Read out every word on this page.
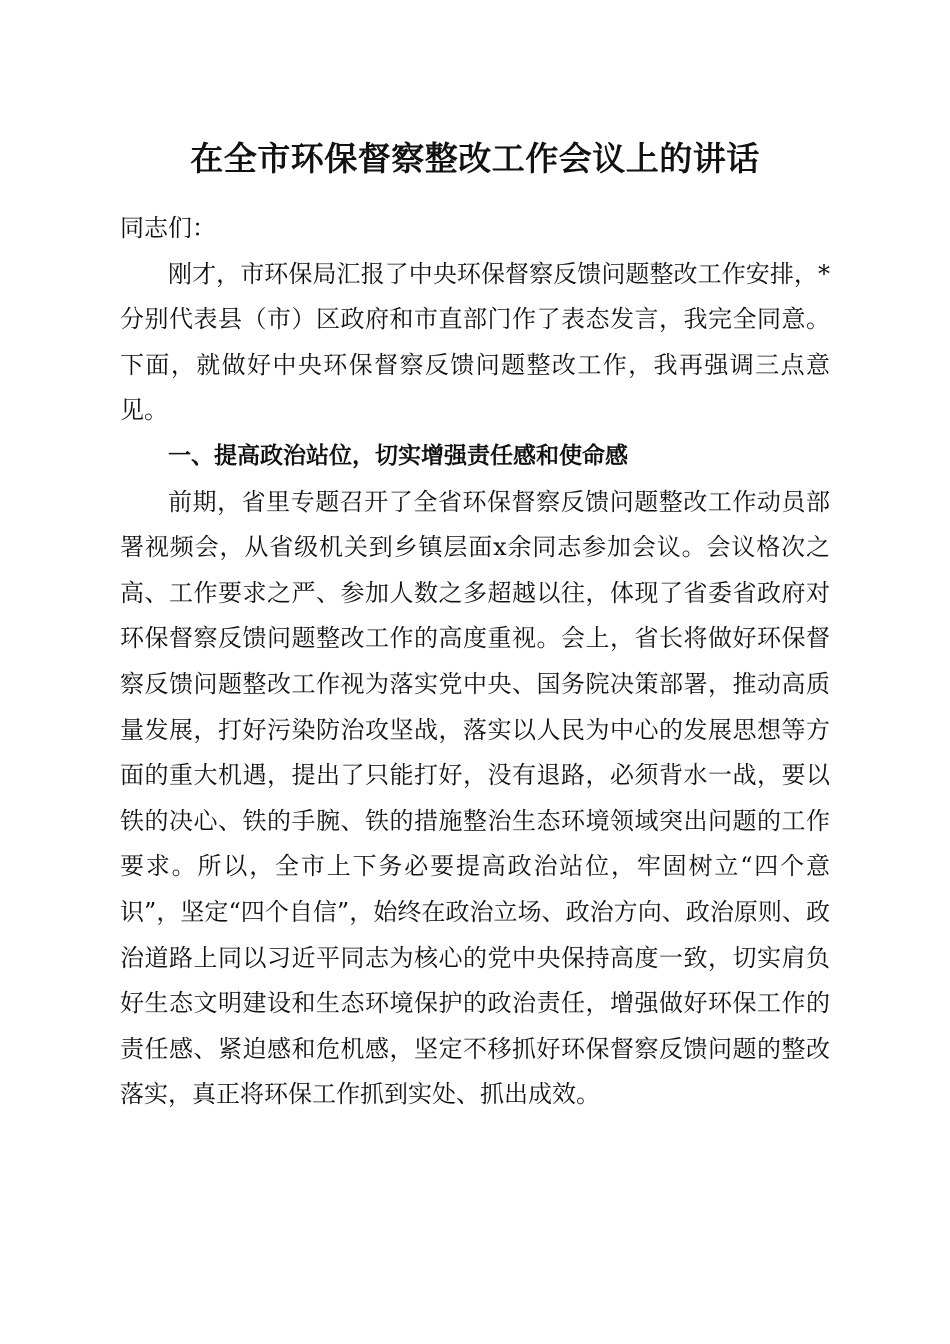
在全市环保督察整改工作会议上的讲话

同志们：

刚才，市环保局汇报了中央环保督察反馈问题整改工作安排，*分别代表县（市）区政府和市直部门作了表态发言，我完全同意。下面，就做好中央环保督察反馈问题整改工作，我再强调三点意见。

一、提高政治站位，切实增强责任感和使命感

前期，省里专题召开了全省环保督察反馈问题整改工作动员部署视频会，从省级机关到乡镇层面x余同志参加会议。会议格次之高、工作要求之严、参加人数之多超越以往，体现了省委省政府对环保督察反馈问题整改工作的高度重视。会上，省长将做好环保督察反馈问题整改工作视为落实党中央、国务院决策部署，推动高质量发展，打好污染防治攻坚战，落实以人民为中心的发展思想等方面的重大机遇，提出了只能打好，没有退路，必须背水一战，要以铁的决心、铁的手腕、铁的措施整治生态环境领域突出问题的工作要求。所以，全市上下务必要提高政治站位，牢固树立“四个意识”，坚定“四个自信”，始终在政治立场、政治方向、政治原则、政治道路上同以习近平同志为核心的党中央保持高度一致，切实肩负好生态文明建设和生态环境保护的政治责任，增强做好环保工作的责任感、紧迫感和危机感，坚定不移抓好环保督察反馈问题的整改落实，真正将环保工作抓到实处、抓出成效。
